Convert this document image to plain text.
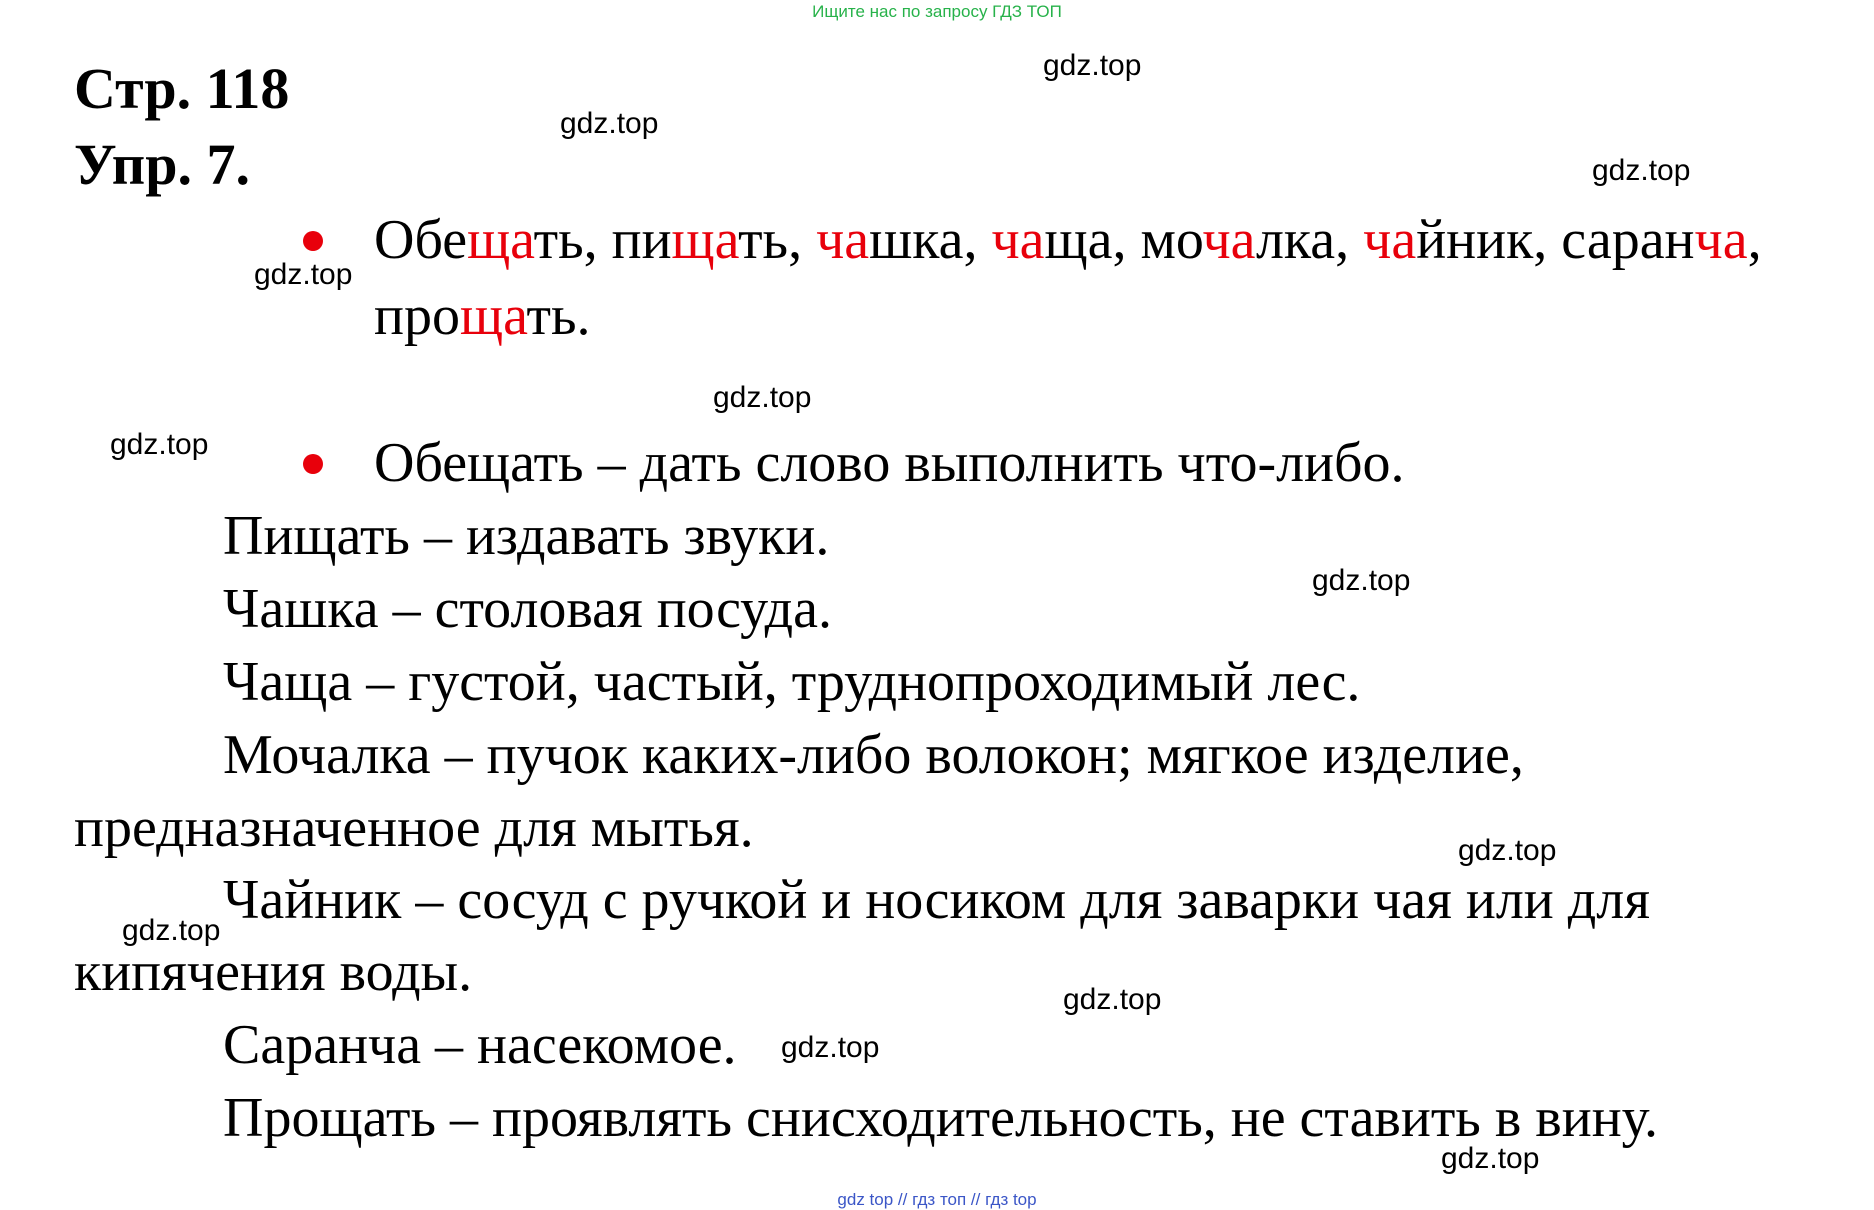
Ищите нас по запросу ГДЗ ТОП
Стр. 118
Упр. 7.
Обещать, пищать, чашка, чаща, мочалка, чайник, саранча,
прощать.
Обещать – дать слово выполнить что-либо.
Пищать – издавать звуки.
Чашка – столовая посуда.
Чаща – густой, частый, труднопроходимый лес.
Мочалка – пучок каких-либо волокон; мягкое изделие,
предназначенное для мытья.
Чайник – сосуд с ручкой и носиком для заварки чая или для
кипячения воды.
Саранча – насекомое.
Прощать – проявлять снисходительность, не ставить в вину.
gdz.top
gdz.top
gdz.top
gdz.top
gdz.top
gdz.top
gdz.top
gdz.top
gdz.top
gdz.top
gdz.top
gdz.top
gdz top // гдз топ // гдз top
